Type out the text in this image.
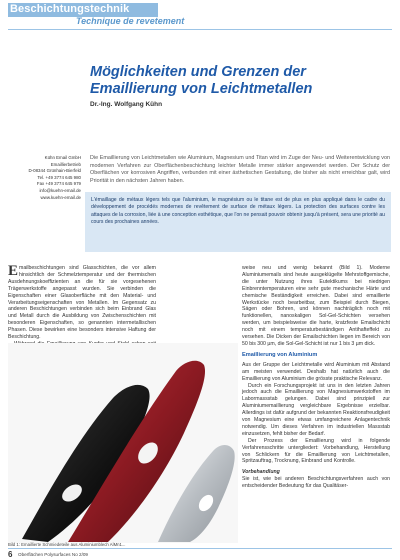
Beschichtungstechnik
Technique de revetement
Möglichkeiten und Grenzen der Emaillierung von Leichtmetallen
Dr.-Ing. Wolfgang Kühn
Kühn Email GmbH
Emaillierbetrieb
D-08344 Grünhain-Bierfeld
Tel. +49 3774 645 980
Fax +49 3774 645 979
info@kuehn-email.de
www.kuehn-email.de
Die Emaillierung von Leichtmetallen wie Aluminium, Magnesium und Titan wird im Zuge der Neu- und Weiterentwicklung von modernen Verfahren zur Oberflächenbeschichtung leichter Metalle immer stärker angewendet werden. Der Schutz der Oberflächen vor korrosiven Angriffen, verbunden mit einer ästhetischen Gestaltung, die bisher als nicht erreichbar galt, wird Priorität in den nächsten Jahren haben.
L'émaillage de métaux légers tels que l'aluminium, le magnésium ou le titane est de plus en plus appliqué dans le cadre du développement de procédés modernes de revêtement de surface de métaux légers. La protection des surfaces contre les attaques de la corrosion, liée à une conception esthétique, que l'on ne pensait pouvoir obtenir jusqu'à présent, sera une priorité au cours des prochaines années.

Emailbeschichtungen sind Glasschichten, die vor allem hinsichtlich der Schmelztemperatur und der thermischen Ausdehnungskoeffizienten an die für sie vorgesehenen Trägerwerkstoffe angepasst wurden. Sie verbinden die Eigenschaften einer Glasoberfläche mit den Material- und Verarbeitungseigenschaften von Metallen. Im Gegensatz zu anderen Beschichtungen verbinden sich beim Einbrand Glas und Metall durch die Ausbildung von Zwischenschichten mit besonderen Eigenschaften, so genannten intermetallischen Phasen. Diese bewirken eine besonders intensive Haftung der Beschichtung.

weise neu und wenig bekannt (Bild 1). Moderne Aluminiumemails sind heute ausgeklügelte Mehrstoffgemische, die unter Nutzung ihres Eutektikums bei niedrigen Einbrenntemperaturen eine sehr gute mechanische Härte und chemische Beständigkeit erreichen. Dabei sind emaillierte Werkstücke noch bearbeitbar, zum Beispiel durch Biegen, Sägen oder Bohren, und können nachträglich noch mit funktionellen, nanoskaligen Sol-Gel-Schichten versehen werden, um beispielsweise die harte, kratzfeste Emailschicht noch mit einem temperaturbeständigen Antihafteffekt zu versehen. Die Dicken der Emailschichten liegen im Bereich von 50 bis 300 µm, die Sol-Gel-Schicht ist nur 1 bis 3 µm dick.

Emaillierung von Aluminium

Aus der Gruppe der Leichtmetalle wird Aluminium mit Abstand am meisten verwendet. Deshalb hat natürlich auch die Emaillierung von Aluminium die grösste praktische Relevanz.

Durch ein Forschungsprojekt ist uns in den letzten Jahren jedoch auch die Emaillierung von Magnesiumwerkstoffen im Labormassstab gelungen. Dabei sind prinzipiell zur Aluminiumemaillierung vergleichbare Ergebnisse erzielbar. Allerdings ist dafür aufgrund der bekannten Reaktionsfreudigkeit von Magnesium eine etwas umfangreichere Anlagentechnik notwendig. Um dieses Verfahren im industriellen Massstab einzusetzen, fehlt bisher der Bedarf.

Der Prozess der Emaillierung wird in folgende Verfahrensschritte untergliedert: Vorbehandlung, Herstellung von Schlickern für die Emaillierung von Leichtmetallen, Spritzauftrag, Trocknung, Einbrand und Kontrolle.

Vorbehandlung

Sie ist, wie bei anderen Beschichtungsverfahren auch von entscheidender Bedeutung für das Qualitäser-

Bild 1: Emaillierte Schmiedeteile aus Aluminiumblech AlMn1...
6 Oberflächen Polysurfaces No 2/09
